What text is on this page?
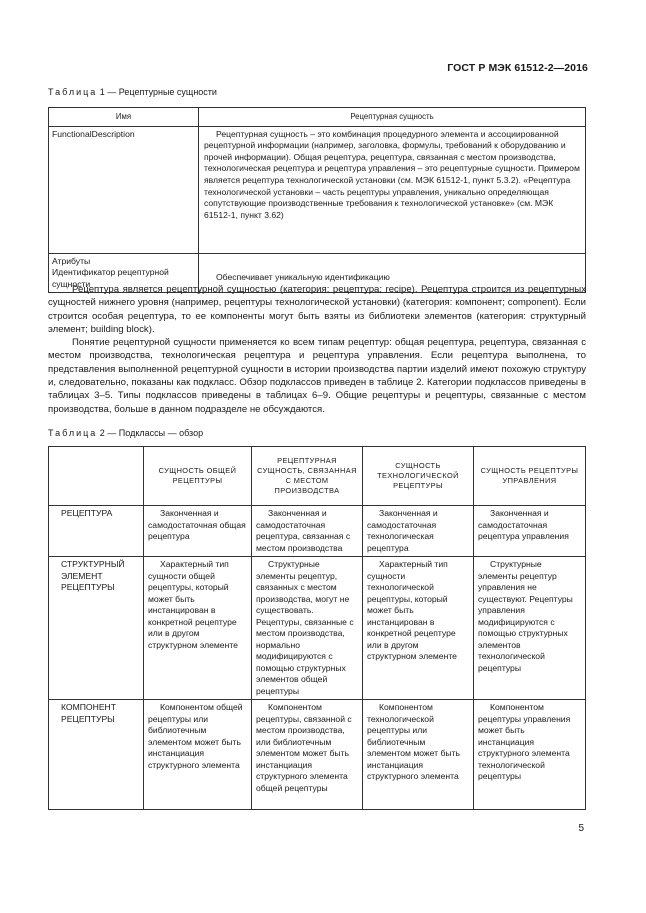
ГОСТ Р МЭК 61512-2—2016
Таблица 1 — Рецептурные сущности
Имя	Рецептурная сущность
FunctionalDescription	Рецептурная сущность – это комбинация процедурного элемента и ассоциированной рецептурной информации (например, заголовка, формулы, требований к оборудованию и прочей информации). Общая рецептура, рецептура, связанная с местом производства, технологическая рецептура и рецептура управления – это рецептурные сущности. Примером является рецептура технологической установки (см. МЭК 61512-1, пункт 5.3.2). «Рецептура технологической установки – часть рецептуры управления, уникально определяющая сопутствующие производственные требования к технологической установке» (см. МЭК 61512-1, пункт 3.62)

Атрибуты
Идентификатор рецептурной сущности	Обеспечивает уникальную идентификацию

Рецептура является рецептурной сущностью (категория: рецептура; recipe). Рецептура строится из рецептурных сущностей нижнего уровня (например, рецептуры технологической установки) (категория: компонент; component). Если строится особая рецептура, то ее компоненты могут быть взяты из библиотеки элементов (категория: структурный элемент; building block).

Понятие рецептурной сущности применяется ко всем типам рецептур: общая рецептура, рецептура, связанная с местом производства, технологическая рецептура и рецептура управления. Если рецептура выполнена, то представления выполненной рецептурной сущности в истории производства партии изделий имеют похожую структуру и, следовательно, показаны как подкласс. Обзор подклассов приведен в таблице 2. Категории подклассов приведены в таблицах 3–5. Типы подклассов приведены в таблицах 6–9. Общие рецептуры и рецептуры, связанные с местом производства, больше в данном подразделе не обсуждаются.

Таблица 2 — Подклассы — обзор
	СУЩНОСТЬ ОБЩЕЙ РЕЦЕПТУРЫ	РЕЦЕПТУРНАЯ СУЩНОСТЬ, СВЯЗАННАЯ С МЕСТОМ ПРОИЗВОДСТВА	СУЩНОСТЬ ТЕХНОЛОГИЧЕСКОЙ РЕЦЕПТУРЫ	СУЩНОСТЬ РЕЦЕПТУРЫ УПРАВЛЕНИЯ
РЕЦЕПТУРА	Законченная и самодостаточная общая рецептура	Законченная и самодостаточная рецептура, связанная с местом производства	Законченная и самодостаточная технологическая рецептура	Законченная и самодостаточная рецептура управления

СТРУКТУРНЫЙ ЭЛЕМЕНТ РЕЦЕПТУРЫ	Характерный тип сущности общей рецептуры, который может быть инстанцирован в конкретной рецептуре или в другом структурном элементе	Структурные элементы рецептур, связанных с местом производства, могут не существовать. Рецептуры, связанные с местом производства, нормально модифицируются с помощью структурных элементов общей рецептуры	Характерный тип сущности технологической рецептуры, который может быть инстанцирован в конкретной рецептуре или в другом структурном элементе	Структурные элементы рецептур управления не существуют. Рецептуры управления модифицируются с помощью структурных элементов технологической рецептуры

КОМПОНЕНТ РЕЦЕПТУРЫ	Компонентом общей рецептуры или библиотечным элементом может быть инстанциация структурного элемента	Компонентом рецептуры, связанной с местом производства, или библиотечным элементом может быть инстанциация структурного элемента общей рецептуры	Компонентом технологической рецептуры или библиотечным элементом может быть инстанциация структурного элемента	Компонентом рецептуры управления может быть инстанциация структурного элемента технологической рецептуры
5
